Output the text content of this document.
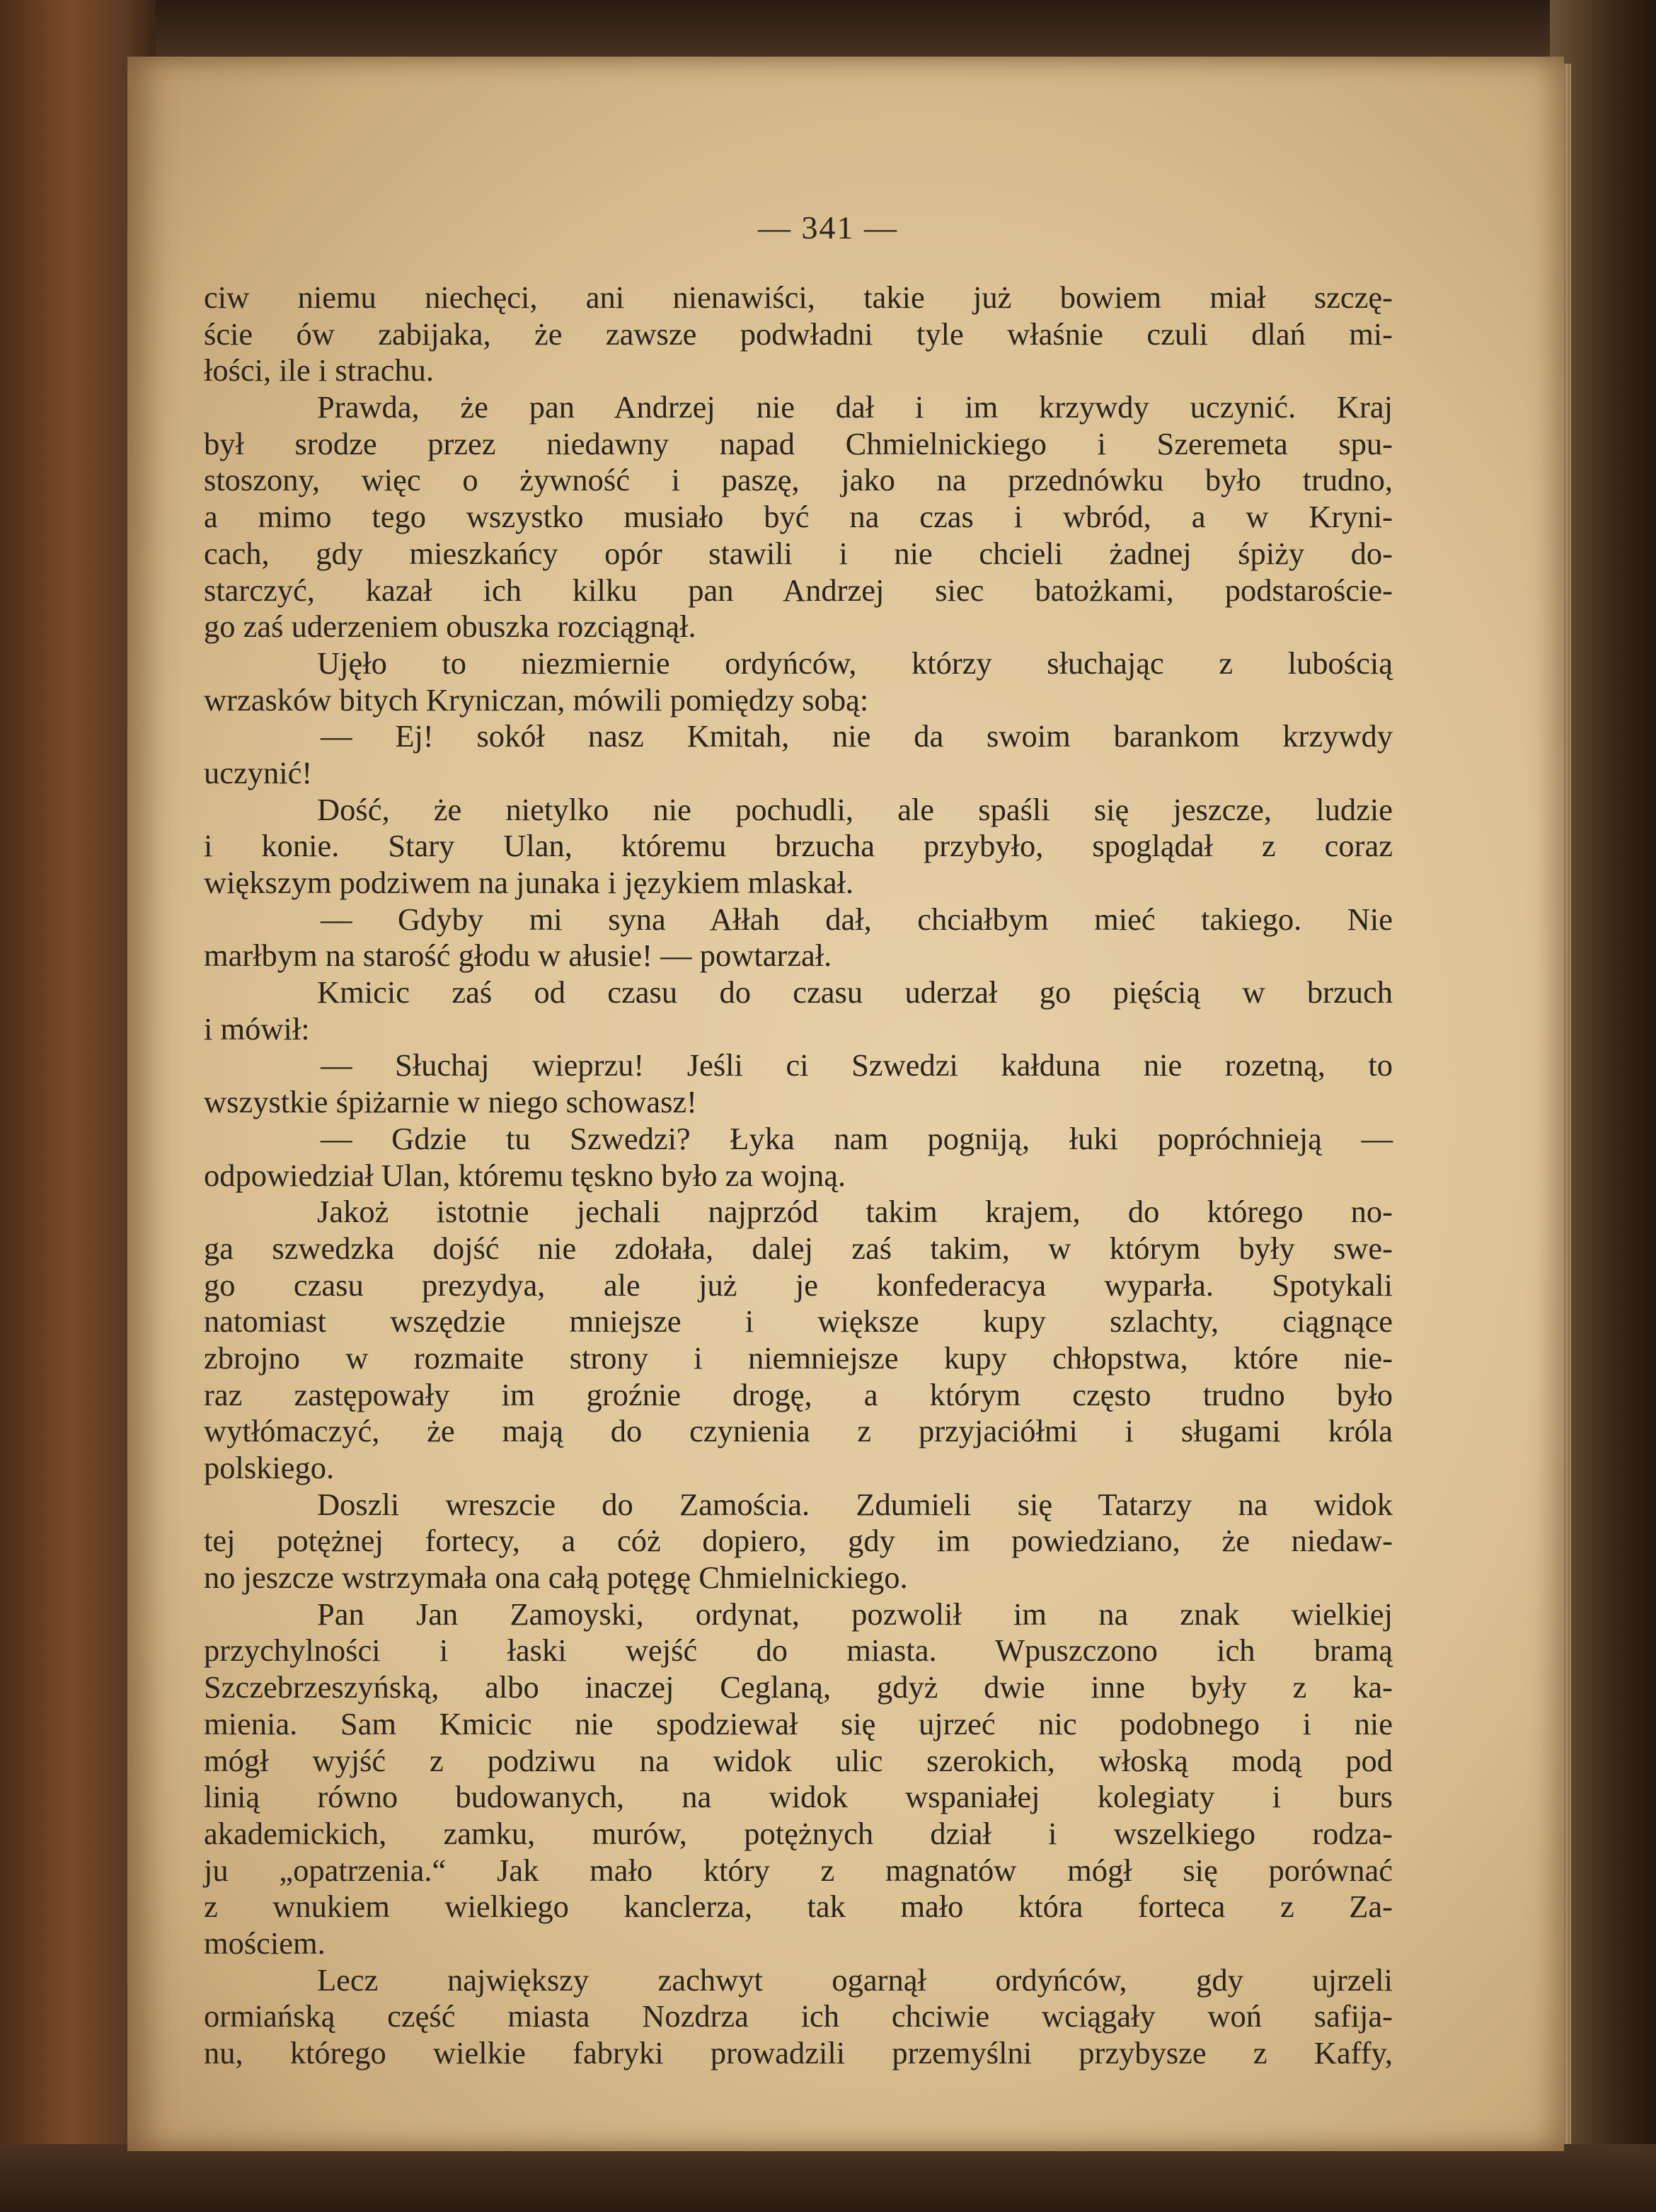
— 341 —
ciw niemu niechęci, ani nienawiści, takie już bowiem miał szczę-
ście ów zabijaka, że zawsze podwładni tyle właśnie czuli dlań mi-
łości, ile i strachu.
Prawda, że pan Andrzej nie dał i im krzywdy uczynić. Kraj
był srodze przez niedawny napad Chmielnickiego i Szeremeta spu-
stoszony, więc o żywność i paszę, jako na przednówku było trudno,
a mimo tego wszystko musiało być na czas i wbród, a w Kryni-
cach, gdy mieszkańcy opór stawili i nie chcieli żadnej śpiży do-
starczyć, kazał ich kilku pan Andrzej siec batożkami, podstaroście-
go zaś uderzeniem obuszka rozciągnął.
Ujęło to niezmiernie ordyńców, którzy słuchając z lubością
wrzasków bitych Kryniczan, mówili pomiędzy sobą:
— Ej! sokół nasz Kmitah, nie da swoim barankom krzywdy
uczynić!
Dość, że nietylko nie pochudli, ale spaśli się jeszcze, ludzie
i konie. Stary Ulan, któremu brzucha przybyło, spoglądał z coraz
większym podziwem na junaka i językiem mlaskał.
— Gdyby mi syna Ałłah dał, chciałbym mieć takiego. Nie
marłbym na starość głodu w ałusie! — powtarzał.
Kmicic zaś od czasu do czasu uderzał go pięścią w brzuch
i mówił:
— Słuchaj wieprzu! Jeśli ci Szwedzi kałduna nie rozetną, to
wszystkie śpiżarnie w niego schowasz!
— Gdzie tu Szwedzi? Łyka nam pogniją, łuki popróchnieją —
odpowiedział Ulan, któremu tęskno było za wojną.
Jakoż istotnie jechali najprzód takim krajem, do którego no-
ga szwedzka dojść nie zdołała, dalej zaś takim, w którym były swe-
go czasu prezydya, ale już je konfederacya wyparła. Spotykali
natomiast wszędzie mniejsze i większe kupy szlachty, ciągnące
zbrojno w rozmaite strony i niemniejsze kupy chłopstwa, które nie-
raz zastępowały im groźnie drogę, a którym często trudno było
wytłómaczyć, że mają do czynienia z przyjaciółmi i sługami króla
polskiego.
Doszli wreszcie do Zamościa. Zdumieli się Tatarzy na widok
tej potężnej fortecy, a cóż dopiero, gdy im powiedziano, że niedaw-
no jeszcze wstrzymała ona całą potęgę Chmielnickiego.
Pan Jan Zamoyski, ordynat, pozwolił im na znak wielkiej
przychylności i łaski wejść do miasta. Wpuszczono ich bramą
Szczebrzeszyńską, albo inaczej Ceglaną, gdyż dwie inne były z ka-
mienia. Sam Kmicic nie spodziewał się ujrzeć nic podobnego i nie
mógł wyjść z podziwu na widok ulic szerokich, włoską modą pod
linią równo budowanych, na widok wspaniałej kolegiaty i burs
akademickich, zamku, murów, potężnych dział i wszelkiego rodza-
ju „opatrzenia.“ Jak mało który z magnatów mógł się porównać
z wnukiem wielkiego kanclerza, tak mało która forteca z Za-
mościem.
Lecz największy zachwyt ogarnął ordyńców, gdy ujrzeli
ormiańską część miasta Nozdrza ich chciwie wciągały woń safija-
nu, którego wielkie fabryki prowadzili przemyślni przybysze z Kaffy,
